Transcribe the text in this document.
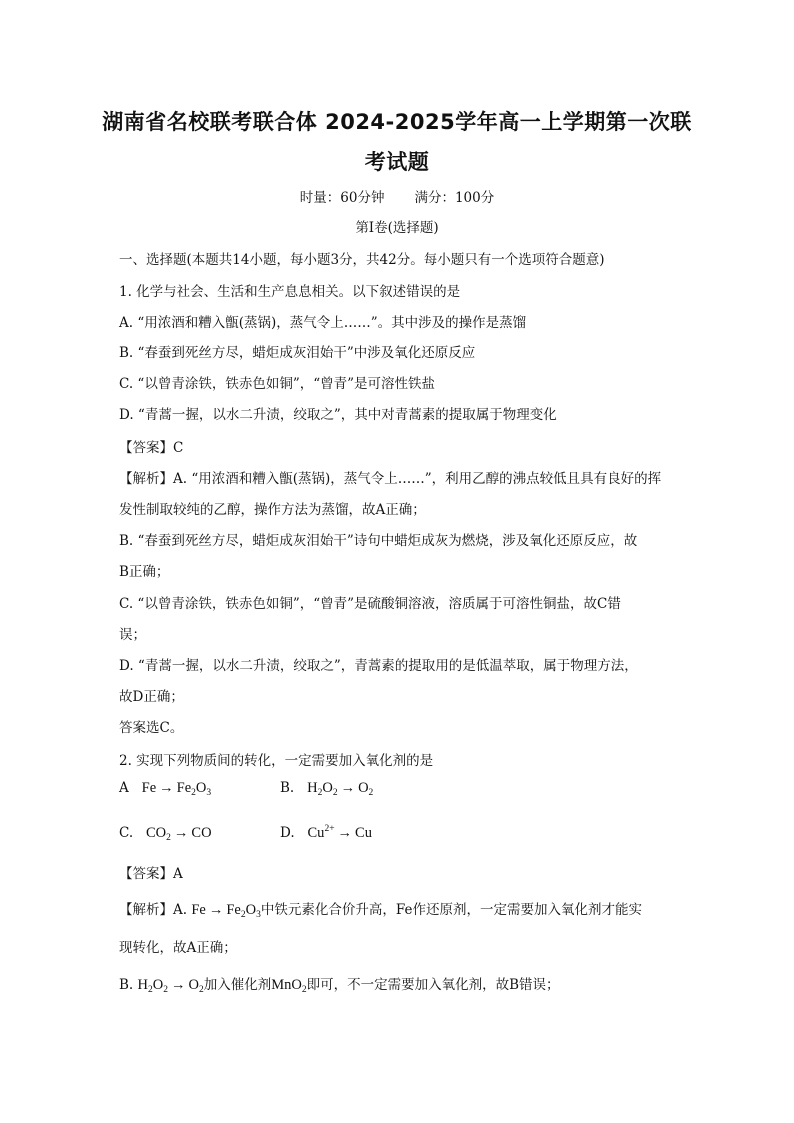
湖南省名校联考联合体 2024-2025学年高一上学期第一次联
考试题
时量：60分钟 满分：100分
第Ⅰ卷(选择题)
一、选择题(本题共14小题，每小题3分，共42分。每小题只有一个选项符合题意)
1. 化学与社会、生活和生产息息相关。以下叙述错误的是
A. “用浓酒和糟入甑(蒸锅)，蒸气令上……”。其中涉及的操作是蒸馏
B. “春蚕到死丝方尽，蜡炬成灰泪始干”中涉及氧化还原反应
C. “以曾青涂铁，铁赤色如铜”，“曾青”是可溶性铁盐
D. “青蒿一握，以水二升渍，绞取之”，其中对青蒿素的提取属于物理变化
【答案】C
【解析】A. “用浓酒和糟入甑(蒸锅)，蒸气令上……”，利用乙醇的沸点较低且具有良好的挥
发性制取较纯的乙醇，操作方法为蒸馏，故A正确；
B. “春蚕到死丝方尽，蜡炬成灰泪始干”诗句中蜡炬成灰为燃烧，涉及氧化还原反应，故
B正确；
C. “以曾青涂铁，铁赤色如铜”，“曾青”是硫酸铜溶液，溶质属于可溶性铜盐，故C错
误；
D. “青蒿一握，以水二升渍，绞取之”，青蒿素的提取用的是低温萃取，属于物理方法，
故D正确；
答案选C。
2. 实现下列物质间的转化，一定需要加入氧化剂的是
A $Fe \to Fe_2O_3$	B. $H_2O_2 \to O_2$
C. $CO_2$ → CO	D. $Cu^{2+} \to Cu$
【答案】A
【解析】A. $Fe \to Fe_2O_3$中铁元素化合价升高，Fe作还原剂，一定需要加入氧化剂才能实
现转化，故A正确；
B. $H_2O_2 \to O_2$加入催化剂MnO$_2$即可，不一定需要加入氧化剂，故B错误；
